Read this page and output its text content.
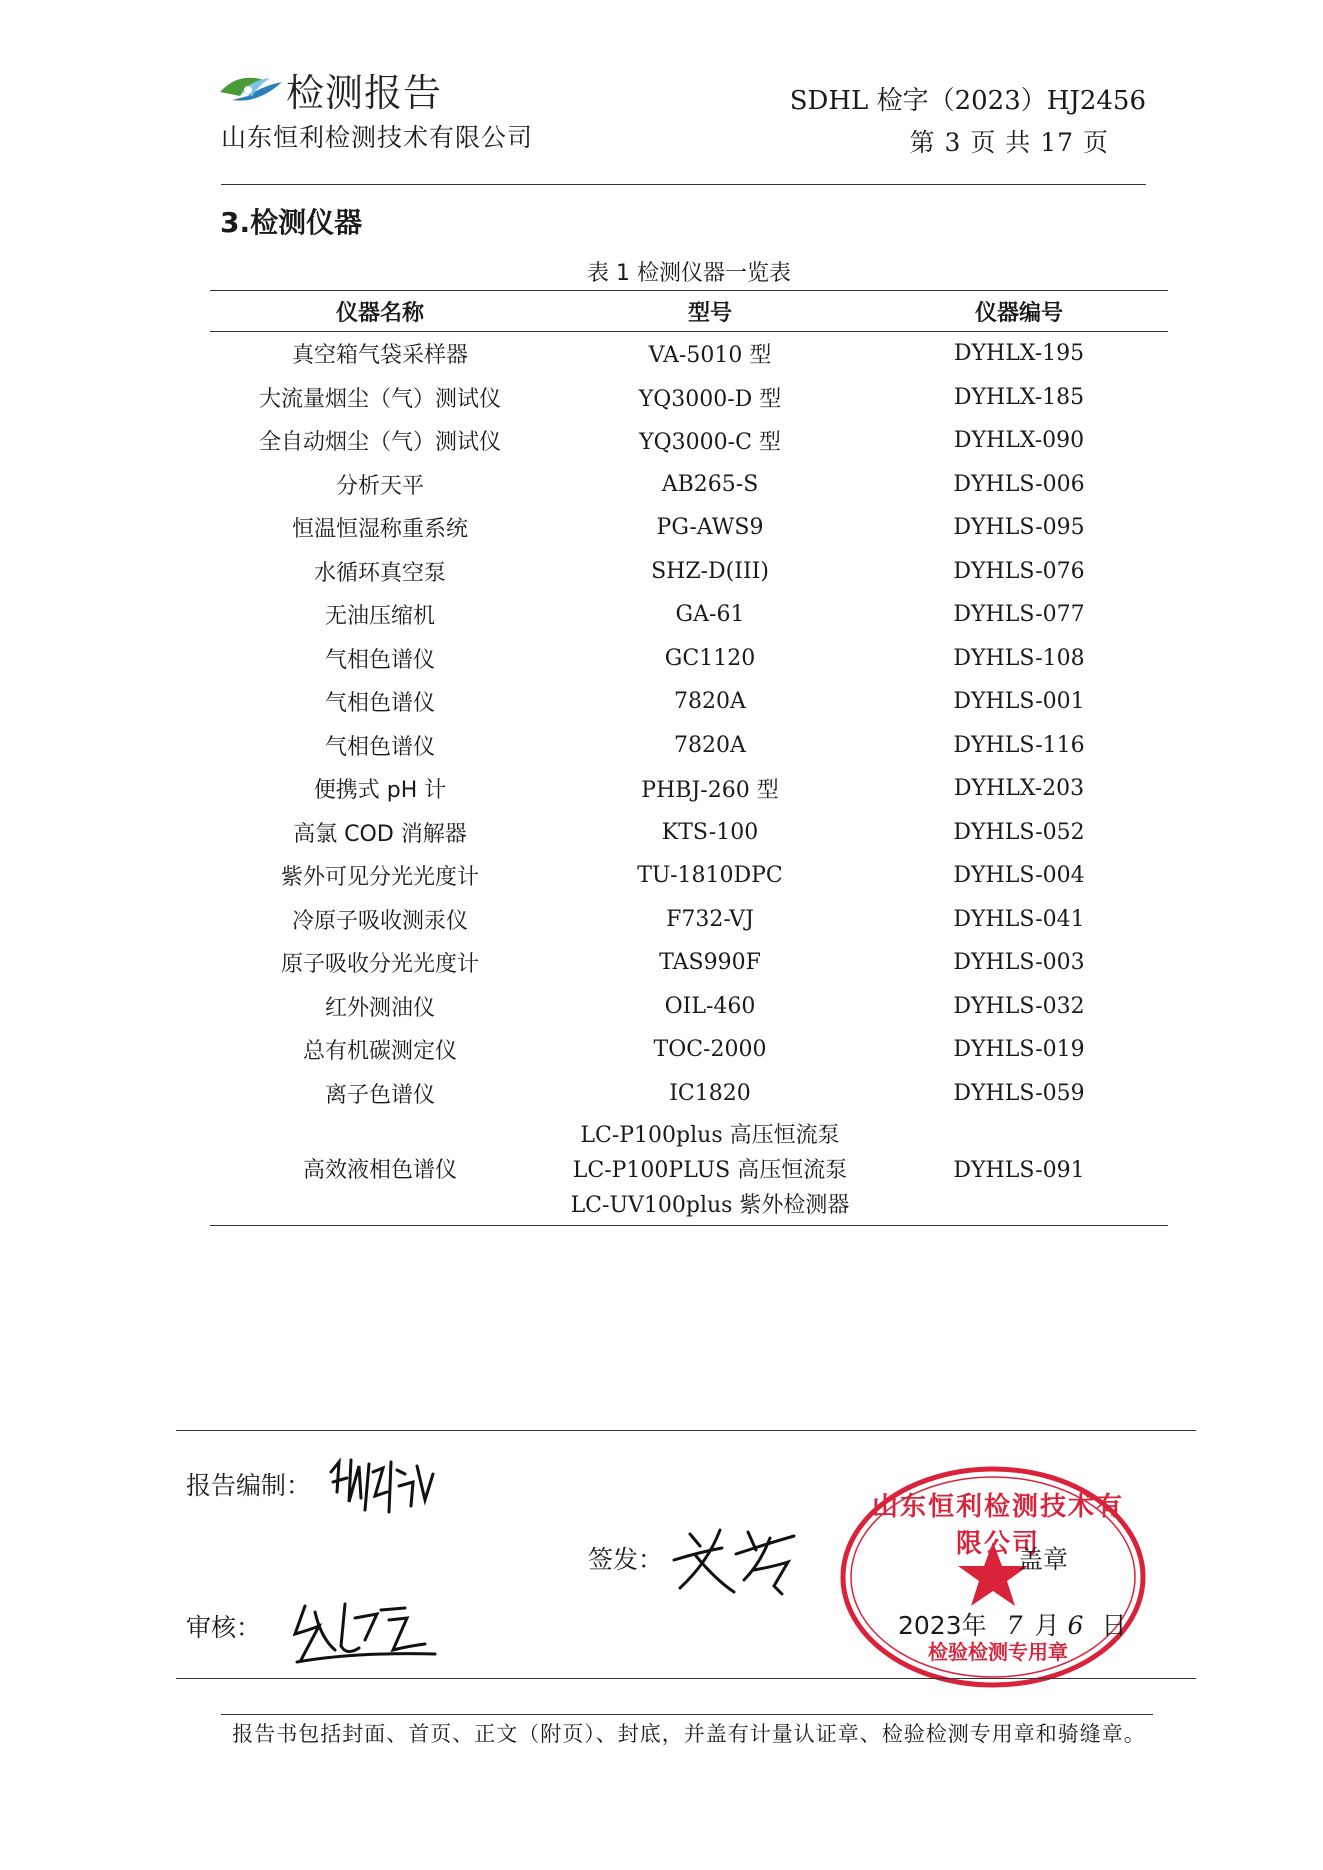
检测报告
山东恒利检测技术有限公司
SDHL 检字（2023）HJ2456
第 3 页 共 17 页
3.检测仪器
表 1 检测仪器一览表
仪器名称	型号	仪器编号
真空箱气袋采样器	VA-5010 型	DYHLX-195
大流量烟尘（气）测试仪	YQ3000-D 型	DYHLX-185
全自动烟尘（气）测试仪	YQ3000-C 型	DYHLX-090
分析天平	AB265-S	DYHLS-006
恒温恒湿称重系统	PG-AWS9	DYHLS-095
水循环真空泵	SHZ-D(III)	DYHLS-076
无油压缩机	GA-61	DYHLS-077
气相色谱仪	GC1120	DYHLS-108
气相色谱仪	7820A	DYHLS-001
气相色谱仪	7820A	DYHLS-116
便携式 pH 计	PHBJ-260 型	DYHLX-203
高氯 COD 消解器	KTS-100	DYHLS-052
紫外可见分光光度计	TU-1810DPC	DYHLS-004
冷原子吸收测汞仪	F732-VJ	DYHLS-041
原子吸收分光光度计	TAS990F	DYHLS-003
红外测油仪	OIL-460	DYHLS-032
总有机碳测定仪	TOC-2000	DYHLS-019
离子色谱仪	IC1820	DYHLS-059
高效液相色谱仪	LC-P100plus 高压恒流泵
LC-P100PLUS 高压恒流泵
LC-UV100plus 紫外检测器	DYHLS-091
报告编制：
签发：
审核：
山东恒利检测技术有限公司
检验检测专用章
盖章
2023年 7 月 6 日
报告书包括封面、首页、正文（附页）、封底，并盖有计量认证章、检验检测专用章和骑缝章。
